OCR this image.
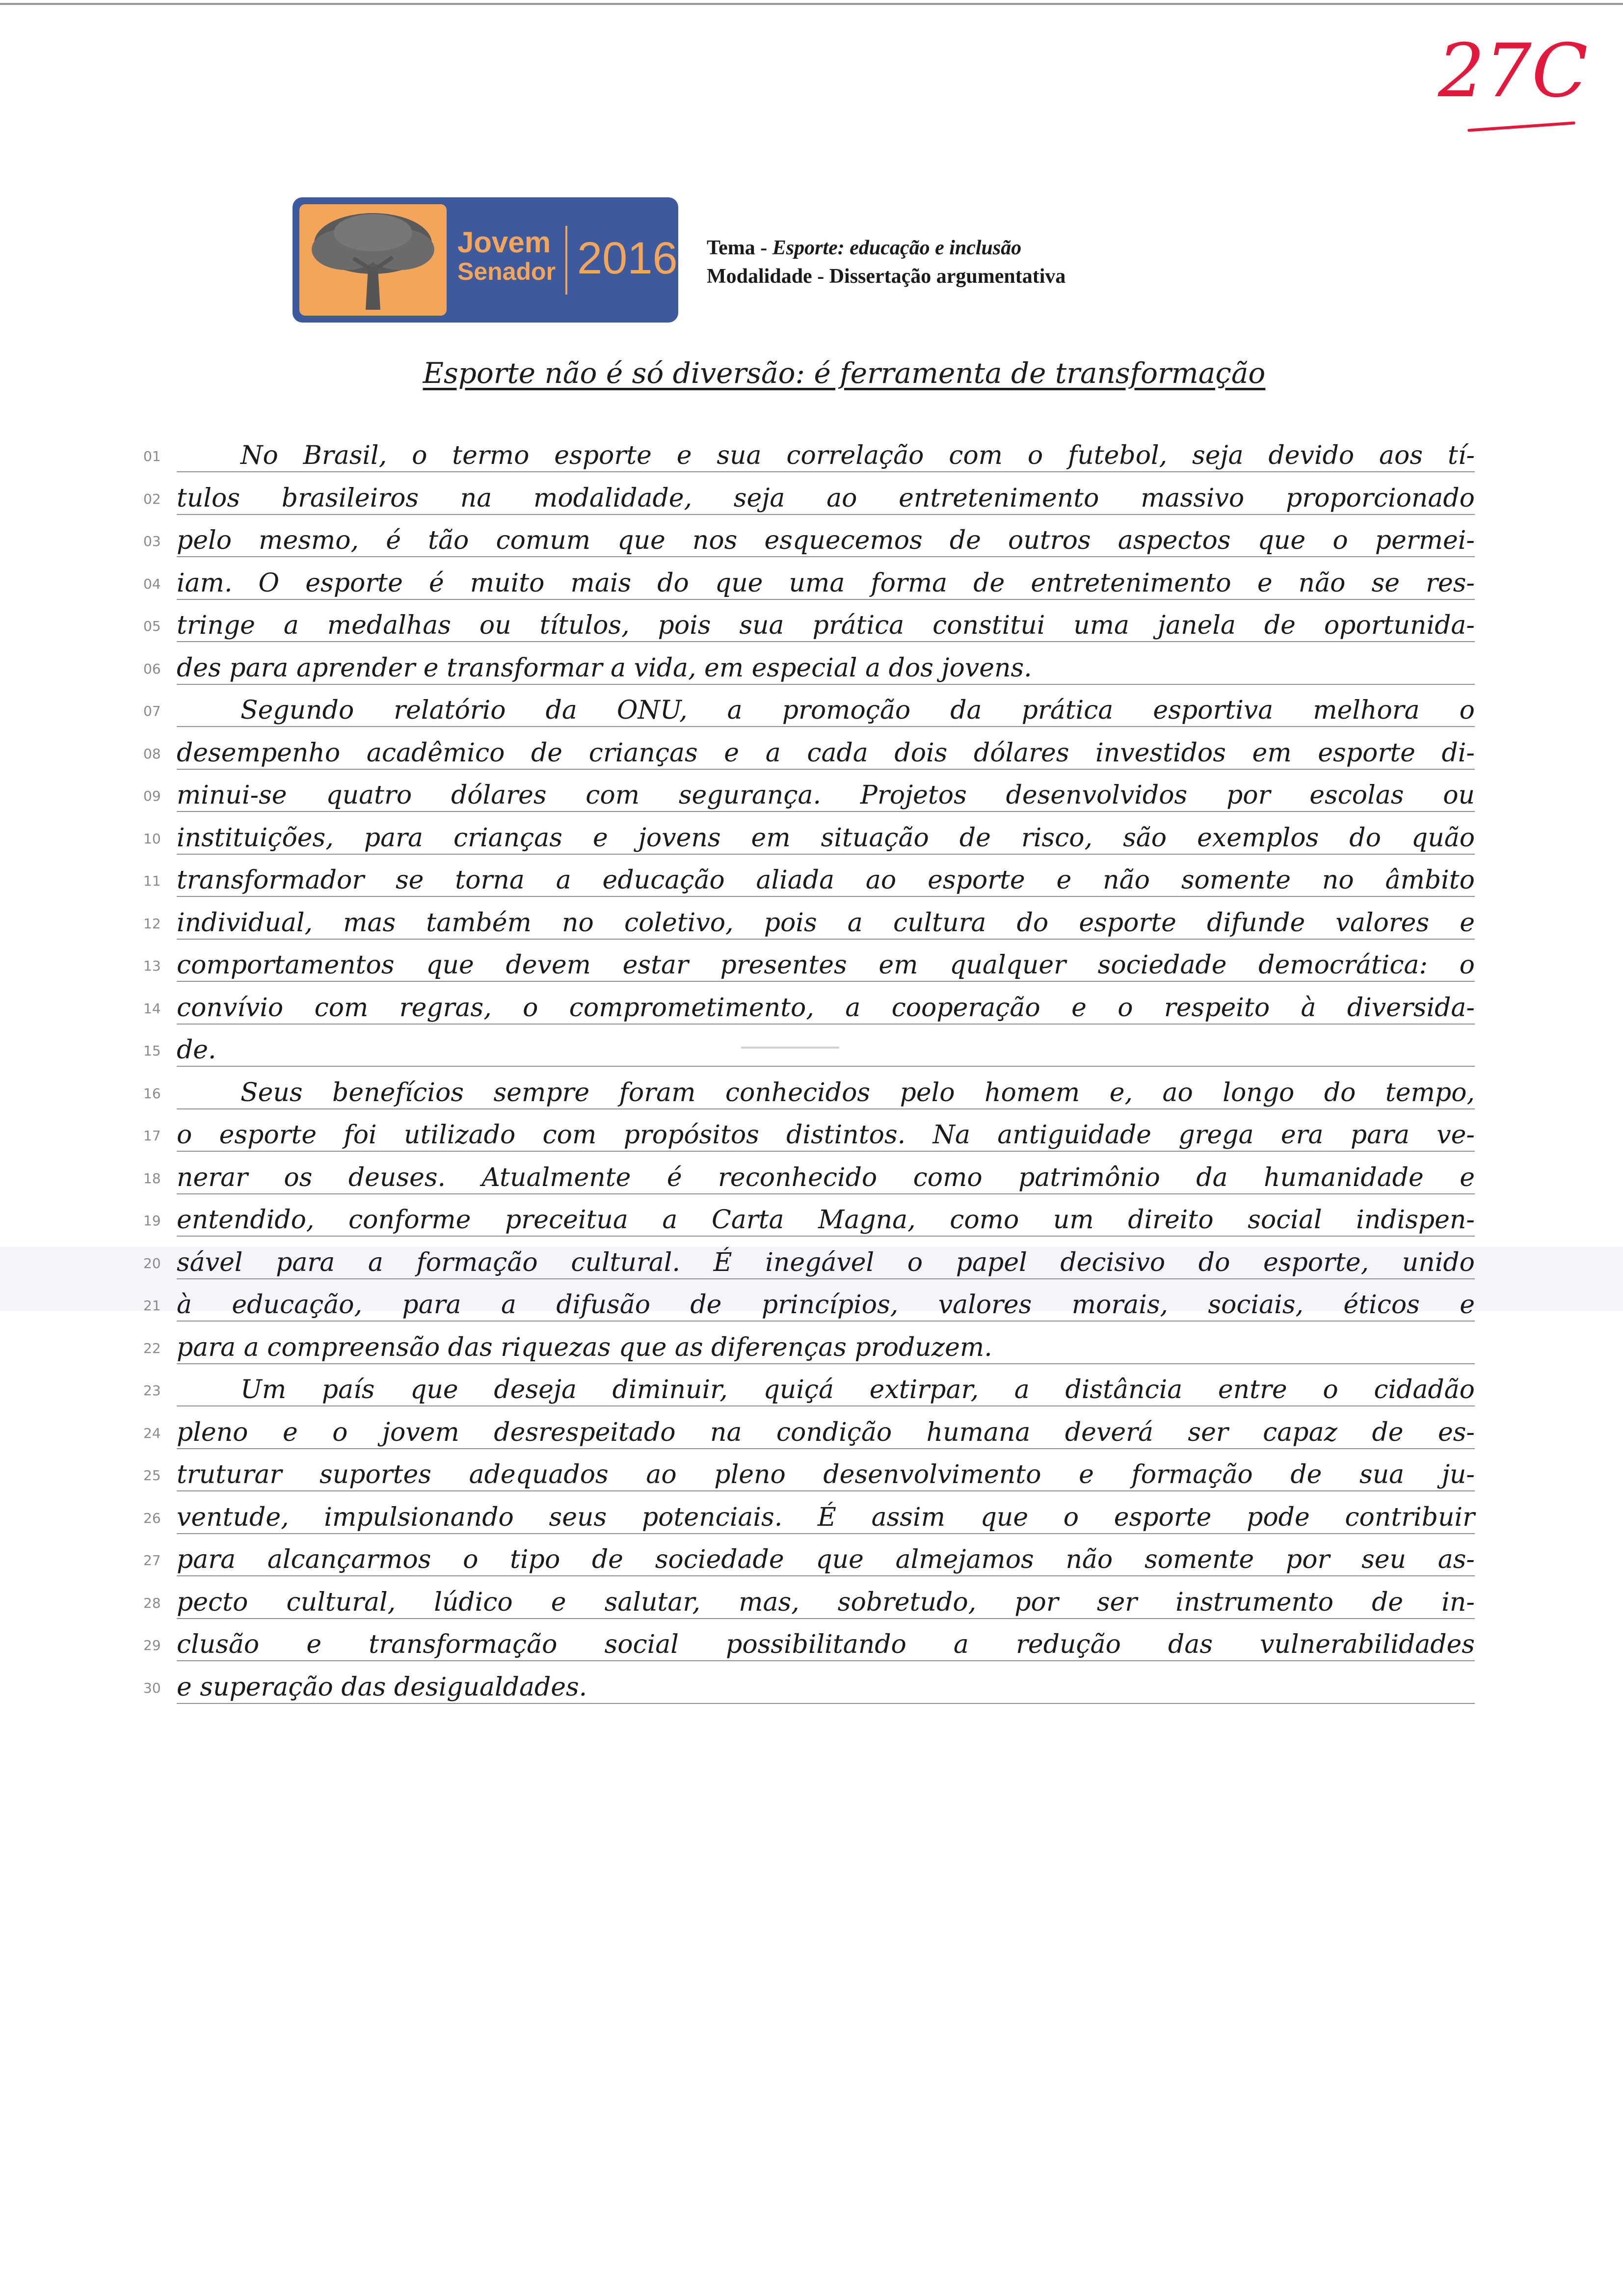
27C
Jovem
Senador 2016 Tema - Esporte: educação e inclusão
Modalidade - Dissertação argumentativa
Esporte não é só diversão: é ferramenta de transformação
01	No Brasil, o termo esporte e sua correlação com o futebol, seja devido aos tí-
02 tulos brasileiros na modalidade, seja ao entretenimento massivo proporcionado
03 pelo mesmo, é tão comum que nos esquecemos de outros aspectos que o permei-
04 iam. O esporte é muito mais do que uma forma de entretenimento e não se res-
05 tringe a medalhas ou títulos, pois sua prática constitui uma janela de oportunida-
06 des para aprender e transformar a vida, em especial a dos jovens.
07	Segundo relatório da ONU, a promoção da prática esportiva melhora o
08 desempenho acadêmico de crianças e a cada dois dólares investidos em esporte di-
09 minui-se quatro dólares com segurança. Projetos desenvolvidos por escolas ou
10 instituições, para crianças e jovens em situação de risco, são exemplos do quão
11 transformador se torna a educação aliada ao esporte e não somente no âmbito
12 individual, mas também no coletivo, pois a cultura do esporte difunde valores e
13 comportamentos que devem estar presentes em qualquer sociedade democrática: o
14 convívio com regras, o comprometimento, a cooperação e o respeito à diversida-
15 de.
16	Seus benefícios sempre foram conhecidos pelo homem e, ao longo do tempo,
17 o esporte foi utilizado com propósitos distintos. Na antiguidade grega era para ve-
18 nerar os deuses. Atualmente é reconhecido como patrimônio da humanidade e
19 entendido, conforme preceitua a Carta Magna, como um direito social indispen-
20 sável para a formação cultural. É inegável o papel decisivo do esporte, unido
21 à educação, para a difusão de princípios, valores morais, sociais, éticos e
22 para a compreensão das riquezas que as diferenças produzem.
23	Um país que deseja diminuir, quiçá extirpar, a distância entre o cidadão
24 pleno e o jovem desrespeitado na condição humana deverá ser capaz de es-
25 truturar suportes adequados ao pleno desenvolvimento e formação de sua ju-
26 ventude, impulsionando seus potenciais. É assim que o esporte pode contribuir
27 para alcançarmos o tipo de sociedade que almejamos não somente por seu as-
28 pecto cultural, lúdico e salutar, mas, sobretudo, por ser instrumento de in-
29 clusão e transformação social possibilitando a redução das vulnerabilidades
30 e superação das desigualdades.
